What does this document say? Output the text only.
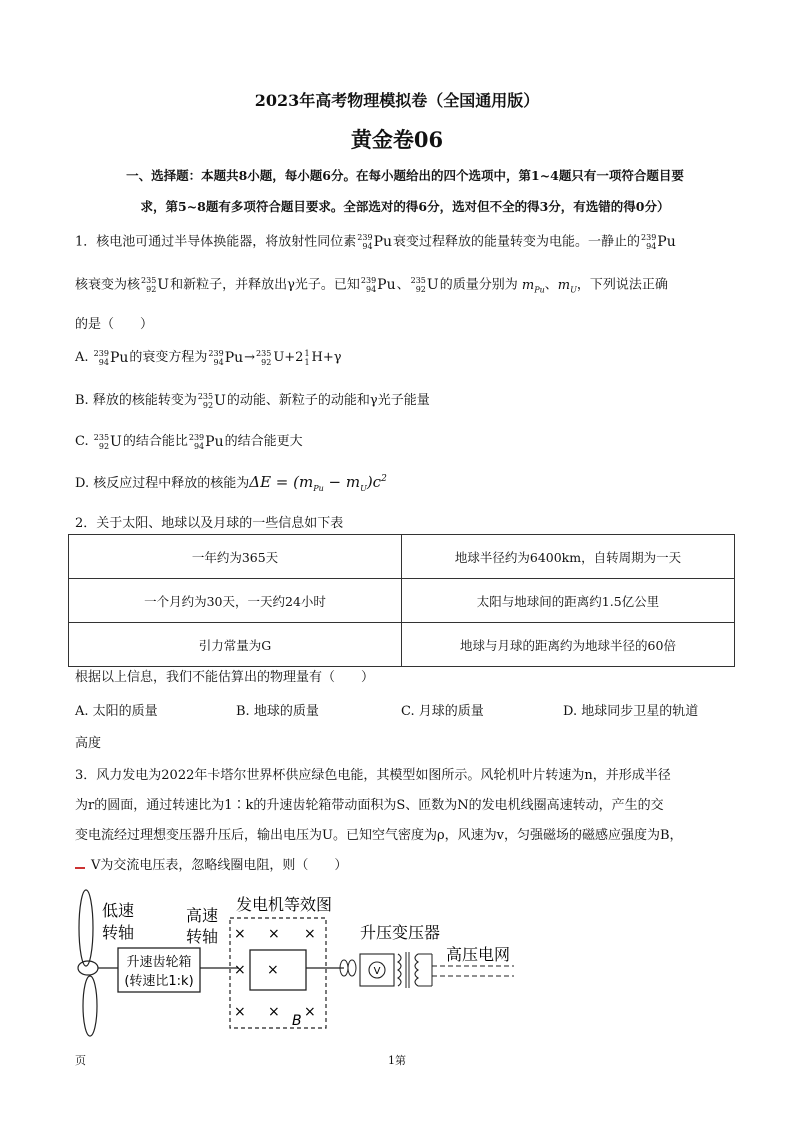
2023年高考物理模拟卷（全国通用版）
黄金卷06
一、选择题：本题共8小题，每小题6分。在每小题给出的四个选项中，第1~4题只有一项符合题目要
求，第5~8题有多项符合题目要求。全部选对的得6分，选对但不全的得3分，有选错的得0分）
1．核电池可通过半导体换能器，将放射性同位素 239
94 Pu衰变过程释放的能量转变为电能。一静止的 239
94 Pu
核衰变为核 235
92 U和新粒子，并释放出γ光子。已知 239
94 Pu、 235
92 U的质量分别为 $m_{Pu}$、$m_U$，下列说法正确
的是（　　）
A. 239
94 Pu的衰变方程为 239
94 Pu→ 235
92 U+2 1
1 H+γ
B. 释放的核能转变为 235
92 U的动能、新粒子的动能和γ光子能量
C. 235
92 U的结合能比 239
94 Pu的结合能更大
D. 核反应过程中释放的核能为$\Delta E = (m_{Pu} - m_U)c^2$
2．关于太阳、地球以及月球的一些信息如下表
一年约为365天	地球半径约为6400km，自转周期为一天
一个月约为30天，一天约24小时	太阳与地球间的距离约1.5亿公里
引力常量为G	地球与月球的距离约为地球半径的60倍
根据以上信息，我们不能估算出的物理量有（　　）
A. 太阳的质量	B. 地球的质量	C. 月球的质量	D. 地球同步卫星的轨道
高度
3．风力发电为2022年卡塔尔世界杯供应绿色电能，其模型如图所示。风轮机叶片转速为n，并形成半径
为r的圆面，通过转速比为1∶k的升速齿轮箱带动面积为S、匝数为N的发电机线圈高速转动，产生的交
变电流经过理想变压器升压后，输出电压为U。已知空气密度为ρ，风速为v，匀强磁场的磁感应强度为B，
V为交流电压表，忽略线圈电阻，则（　　）
升速齿轮箱
(转速比1:k)
低速
转轴
高速
转轴
发电机等效图
× × ×
× ×
× × ×
B
V
升压变压器
高压电网
页	1第
